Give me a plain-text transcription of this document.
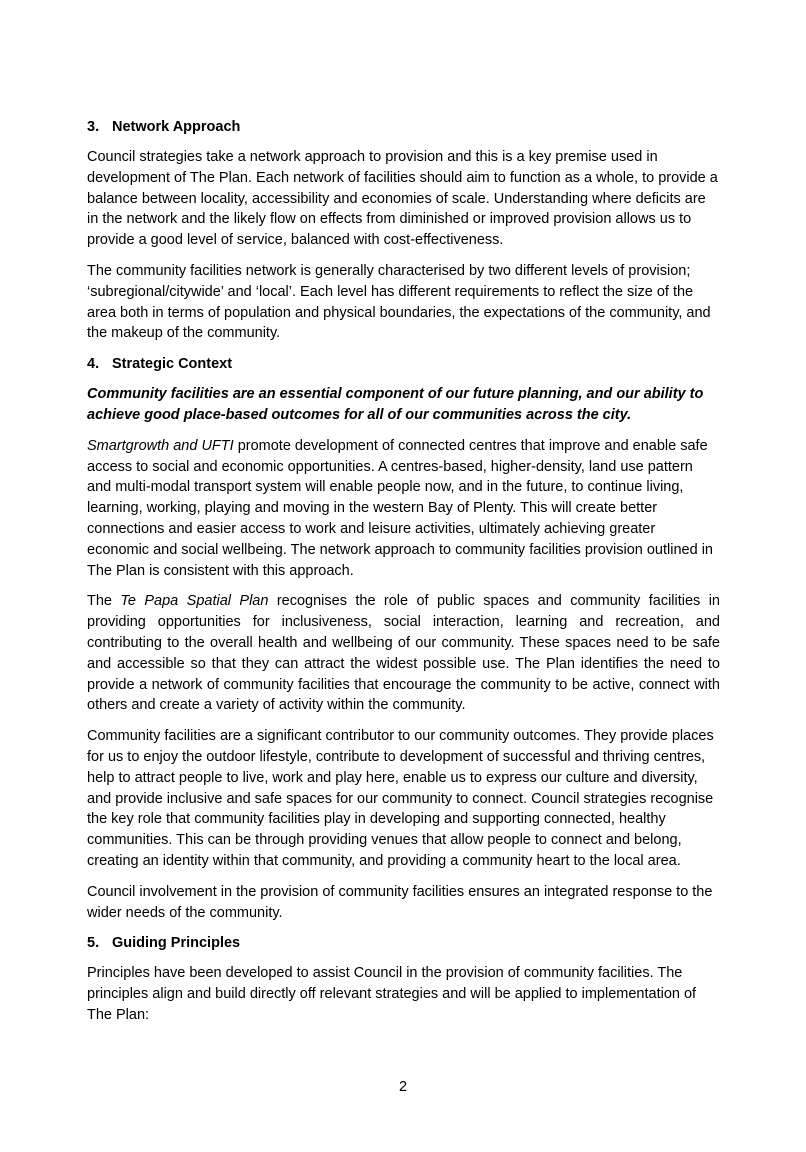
3. Network Approach

Council strategies take a network approach to provision and this is a key premise used in development of The Plan. Each network of facilities should aim to function as a whole, to provide a balance between locality, accessibility and economies of scale. Understanding where deficits are in the network and the likely flow on effects from diminished or improved provision allows us to provide a good level of service, balanced with cost-effectiveness.

The community facilities network is generally characterised by two different levels of provision; ‘subregional/citywide’ and ‘local’. Each level has different requirements to reflect the size of the area both in terms of population and physical boundaries, the expectations of the community, and the makeup of the community.

4. Strategic Context

Community facilities are an essential component of our future planning, and our ability to achieve good place-based outcomes for all of our communities across the city.

Smartgrowth and UFTI promote development of connected centres that improve and enable safe access to social and economic opportunities. A centres-based, higher-density, land use pattern and multi-modal transport system will enable people now, and in the future, to continue living, learning, working, playing and moving in the western Bay of Plenty. This will create better connections and easier access to work and leisure activities, ultimately achieving greater economic and social wellbeing. The network approach to community facilities provision outlined in The Plan is consistent with this approach.

The Te Papa Spatial Plan recognises the role of public spaces and community facilities in providing opportunities for inclusiveness, social interaction, learning and recreation, and contributing to the overall health and wellbeing of our community. These spaces need to be safe and accessible so that they can attract the widest possible use. The Plan identifies the need to provide a network of community facilities that encourage the community to be active, connect with others and create a variety of activity within the community.

Community facilities are a significant contributor to our community outcomes. They provide places for us to enjoy the outdoor lifestyle, contribute to development of successful and thriving centres, help to attract people to live, work and play here, enable us to express our culture and diversity, and provide inclusive and safe spaces for our community to connect. Council strategies recognise the key role that community facilities play in developing and supporting connected, healthy communities. This can be through providing venues that allow people to connect and belong, creating an identity within that community, and providing a community heart to the local area.

Council involvement in the provision of community facilities ensures an integrated response to the wider needs of the community.

5. Guiding Principles

Principles have been developed to assist Council in the provision of community facilities. The principles align and build directly off relevant strategies and will be applied to implementation of The Plan:

2
